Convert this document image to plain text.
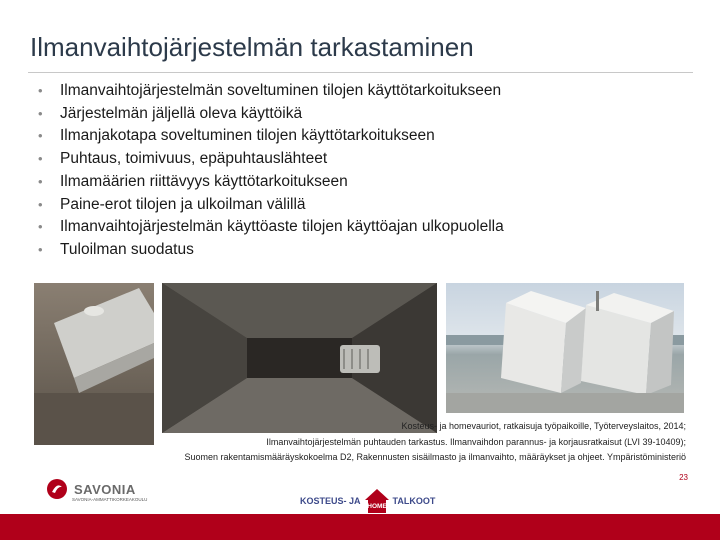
Ilmanvaihtojärjestelmän tarkastaminen
•	Ilmanvaihtojärjestelmän soveltuminen tilojen käyttötarkoitukseen
•	Järjestelmän jäljellä oleva käyttöikä
•	Ilmanjakotapa soveltuminen tilojen käyttötarkoitukseen
•	Puhtaus, toimivuus, epäpuhtauslähteet
•	Ilmamäärien riittävyys käyttötarkoitukseen
•	Paine-erot tilojen ja ulkoilman välillä
•	Ilmanvaihtojärjestelmän käyttöaste tilojen käyttöajan ulkopuolella
•	Tuloilman suodatus
Kosteus- ja homevauriot, ratkaisuja työpaikoille, Työterveyslaitos, 2014;
Ilmanvaihtojärjestelmän puhtauden tarkastus. Ilmanvaihdon parannus- ja korjausratkaisut (LVI 39-10409);
Suomen rakentamismääräyskokoelma D2, Rakennusten sisäilmasto ja ilmanvaihto, määräykset ja ohjeet. Ympäristöministeriö
SAVONIA
SAVONIA-AMMATTIKORKEAKOULU	KOSTEUS- JA
HOME
TALKOOT
23
